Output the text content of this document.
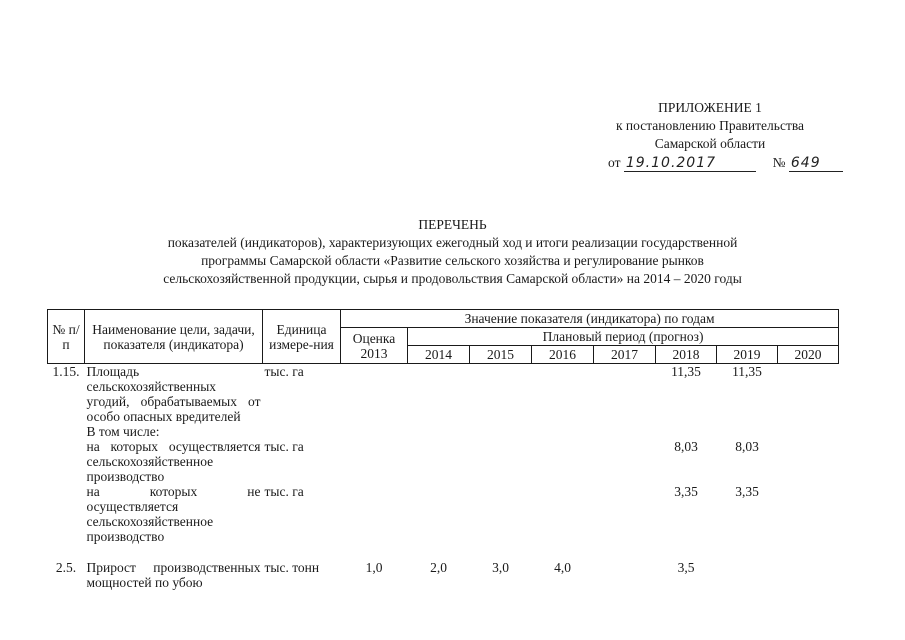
ПРИЛОЖЕНИЕ 1
к постановлению Правительства
Самарской области
от 19.10.2017	№ 649
ПЕРЕЧЕНЬ
показателей (индикаторов), характеризующих ежегодный ход и итоги реализации государственной
программы Самарской области «Развитие сельского хозяйства и регулирование рынков
сельскохозяйственной продукции, сырья и продовольствия Самарской области» на 2014 – 2020 годы
№ п/п	Наименование цели, задачи, показателя (индикатора)	Единица измере-ния	Значение показателя (индикатора) по годам
Оценка 2013	Плановый период (прогноз)
2014	2015	2016	2017	2018	2019	2020
1.15.	Площадь сельскохозяйственных угодий, обрабатываемых от особо опасных вредителей	тыс. га						11,35	11,35	
	В том числе:									
	на которых осуществляется сельскохозяйственное производство	тыс. га						8,03	8,03	
	на которых не осуществляется сельскохозяйственное производство	тыс. га						3,35	3,35	
2.5.	Прирост производственных мощностей по убою	тыс. тонн	1,0	2,0	3,0	4,0		3,5		
